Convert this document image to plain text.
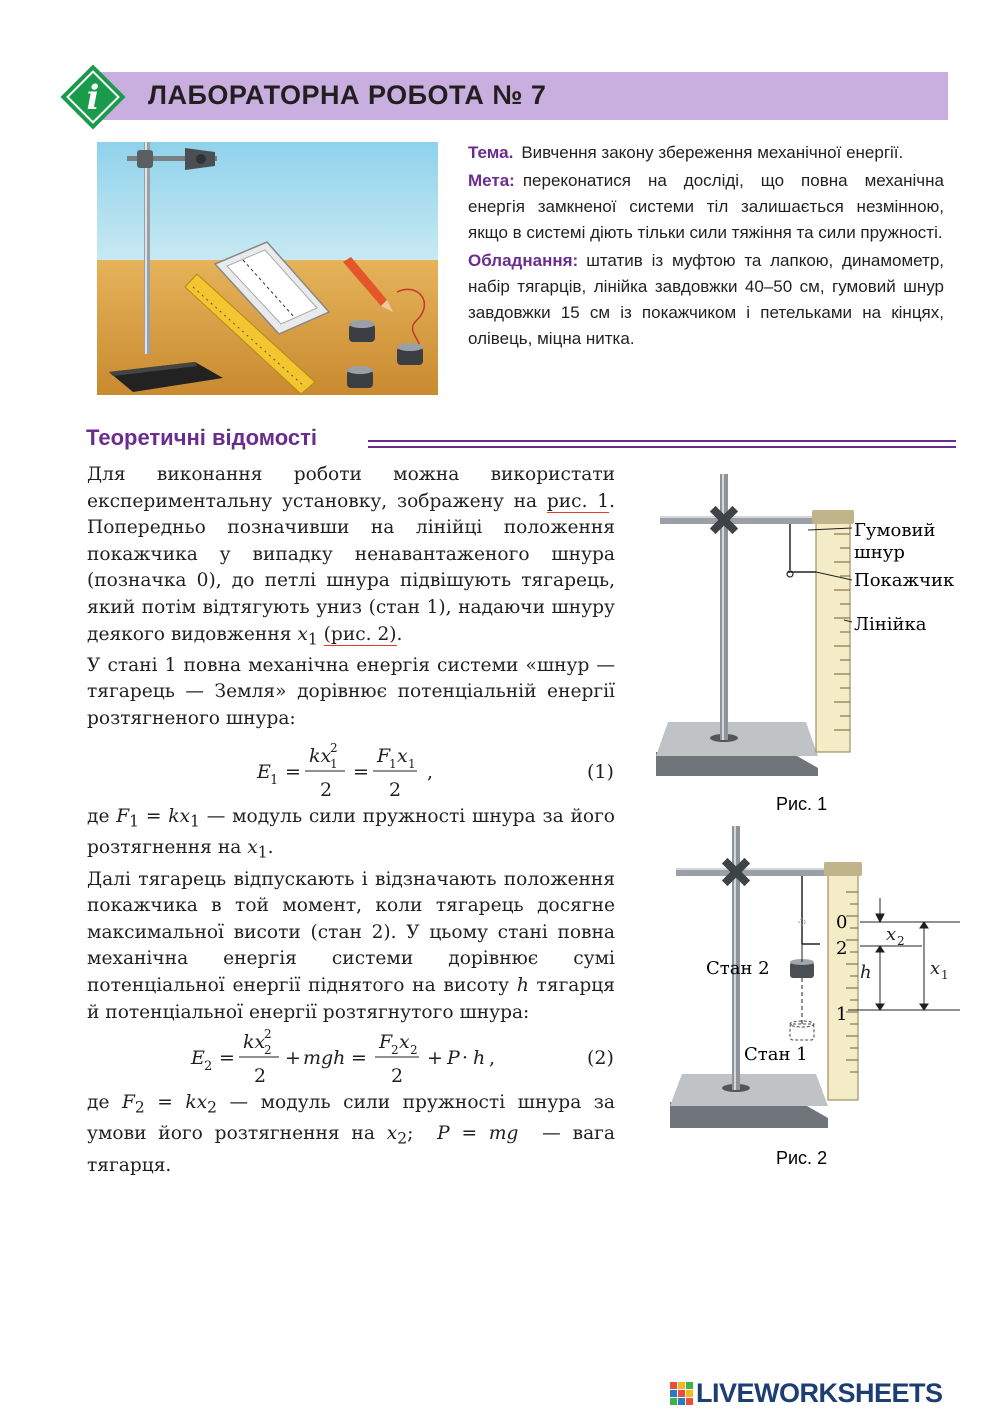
i ЛАБОРАТОРНА РОБОТА № 7

Тема. Вивчення закону збереження механічної енергії.

Мета: переконатися на досліді, що повна механічна енергія замкненої системи тіл залишається незмінною, якщо в системі діють тільки сили тяжіння та сили пружності.

Обладнання: штатив із муфтою та лапкою, динамометр, набір тягарців, лінійка завдовжки 40–50 см, гумовий шнур завдовжки 15 см із покажчиком і петельками на кінцях, олівець, міцна нитка.

Теоретичні відомості

Для виконання роботи можна використати експериментальну установку, зображену на рис. 1. Попередньо позначивши на лінійці положення покажчика у випадку ненавантаженого шнура (позначка 0), до петлі шнура підвішують тягарець, який потім відтягують униз (стан 1), надаючи шнуру деякого видовження $x_1$ (рис. 2).

У стані 1 повна механічна енергія системи «шнур — тягарець — Земля» дорівнює потенціальній енергії розтягненого шнура:

E 1 =
kx
2
1
2
=
F
1 x 1
2
,	(1)

де $F_1 = kx_1$ — модуль сили пружності шнура за його розтягнення на $x_1$.

Далі тягарець відпускають і відзначають положення покажчика в той момент, коли тягарець досягне максимальної висоти (стан 2). У цьому стані повна механічна енергія системи дорівнює сумі потенціальної енергії піднятого на висоту h тягарця й потенціальної енергії розтягнутого шнура:

E 2 =
kx
2
2
2
+ mgh =
F
2 x 2
2
+ P · h ,	(2)

де $F_2 = kx_2$ — модуль сили пружності шнура за умови його розтягнення на $x_2$;  P = mg — вага тягарця.

Гумовий
шнур
Покажчик
Лінійка
Рис. 1
0
2
1
h
x 2
x 1
Стан 2
Стан 1
Рис. 2
LIVEWORKSHEETS
